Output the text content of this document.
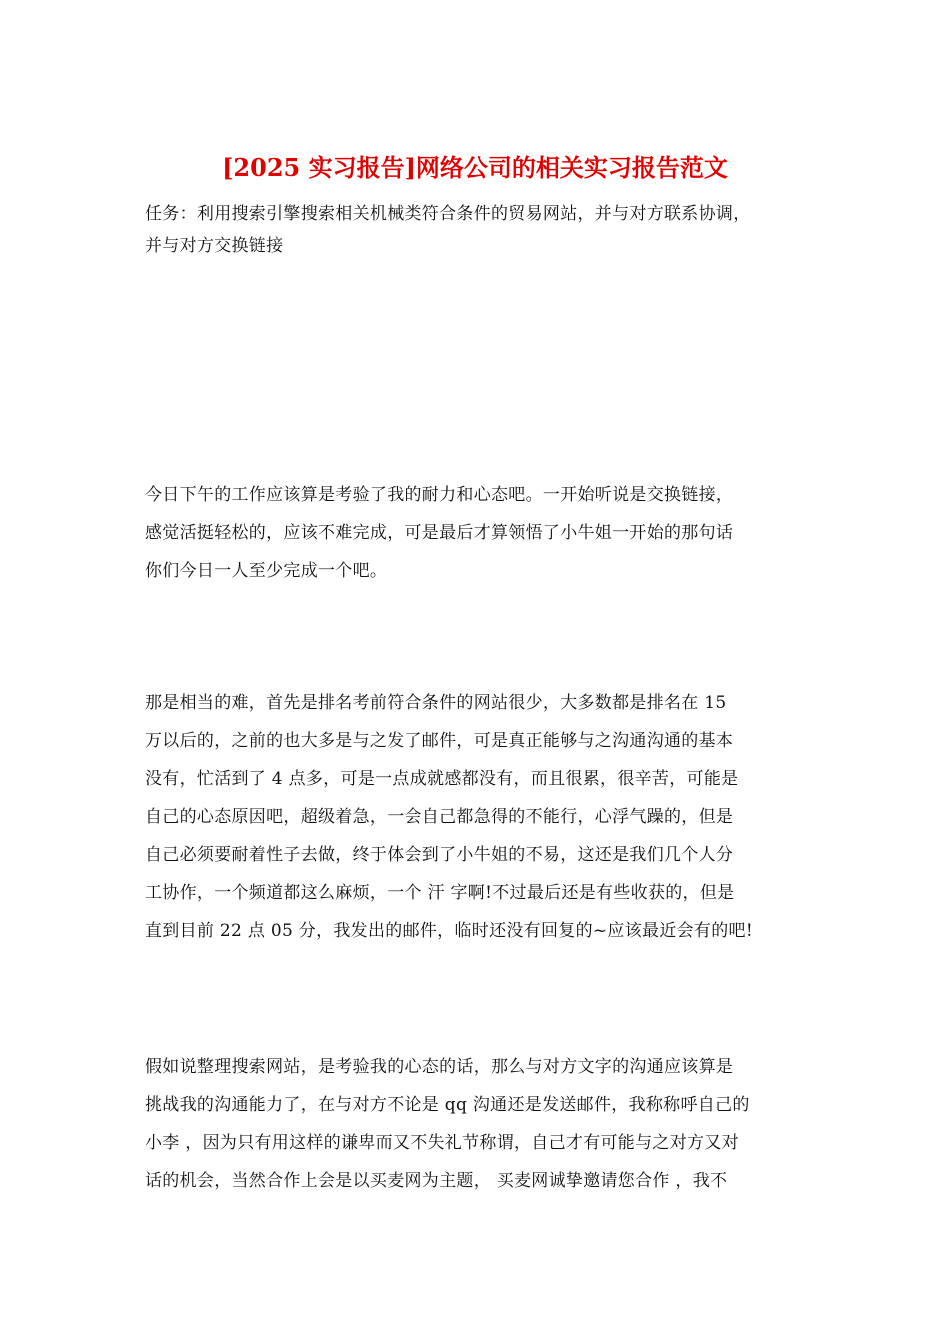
[2025 实习报告]网络公司的相关实习报告范文

任务：利用搜索引擎搜索相关机械类符合条件的贸易网站，并与对方联系协调，
并与对方交换链接

今日下午的工作应该算是考验了我的耐力和心态吧。一开始听说是交换链接，
感觉活挺轻松的，应该不难完成，可是最后才算领悟了小牛姐一开始的那句话
你们今日一人至少完成一个吧。

那是相当的难，首先是排名考前符合条件的网站很少，大多数都是排名在 15
万以后的，之前的也大多是与之发了邮件，可是真正能够与之沟通沟通的基本
没有，忙活到了 4 点多，可是一点成就感都没有，而且很累，很辛苦，可能是
自己的心态原因吧，超级着急，一会自己都急得的不能行，心浮气躁的，但是
自己必须要耐着性子去做，终于体会到了小牛姐的不易，这还是我们几个人分
工协作，一个频道都这么麻烦，一个 汗 字啊!不过最后还是有些收获的，但是
直到目前 22 点 05 分，我发出的邮件，临时还没有回复的~应该最近会有的吧!

假如说整理搜索网站，是考验我的心态的话，那么与对方文字的沟通应该算是
挑战我的沟通能力了，在与对方不论是 qq 沟通还是发送邮件，我称称呼自己的
小李 ，因为只有用这样的谦卑而又不失礼节称谓，自己才有可能与之对方又对
话的机会，当然合作上会是以买麦网为主题， 买麦网诚挚邀请您合作 ，我不
